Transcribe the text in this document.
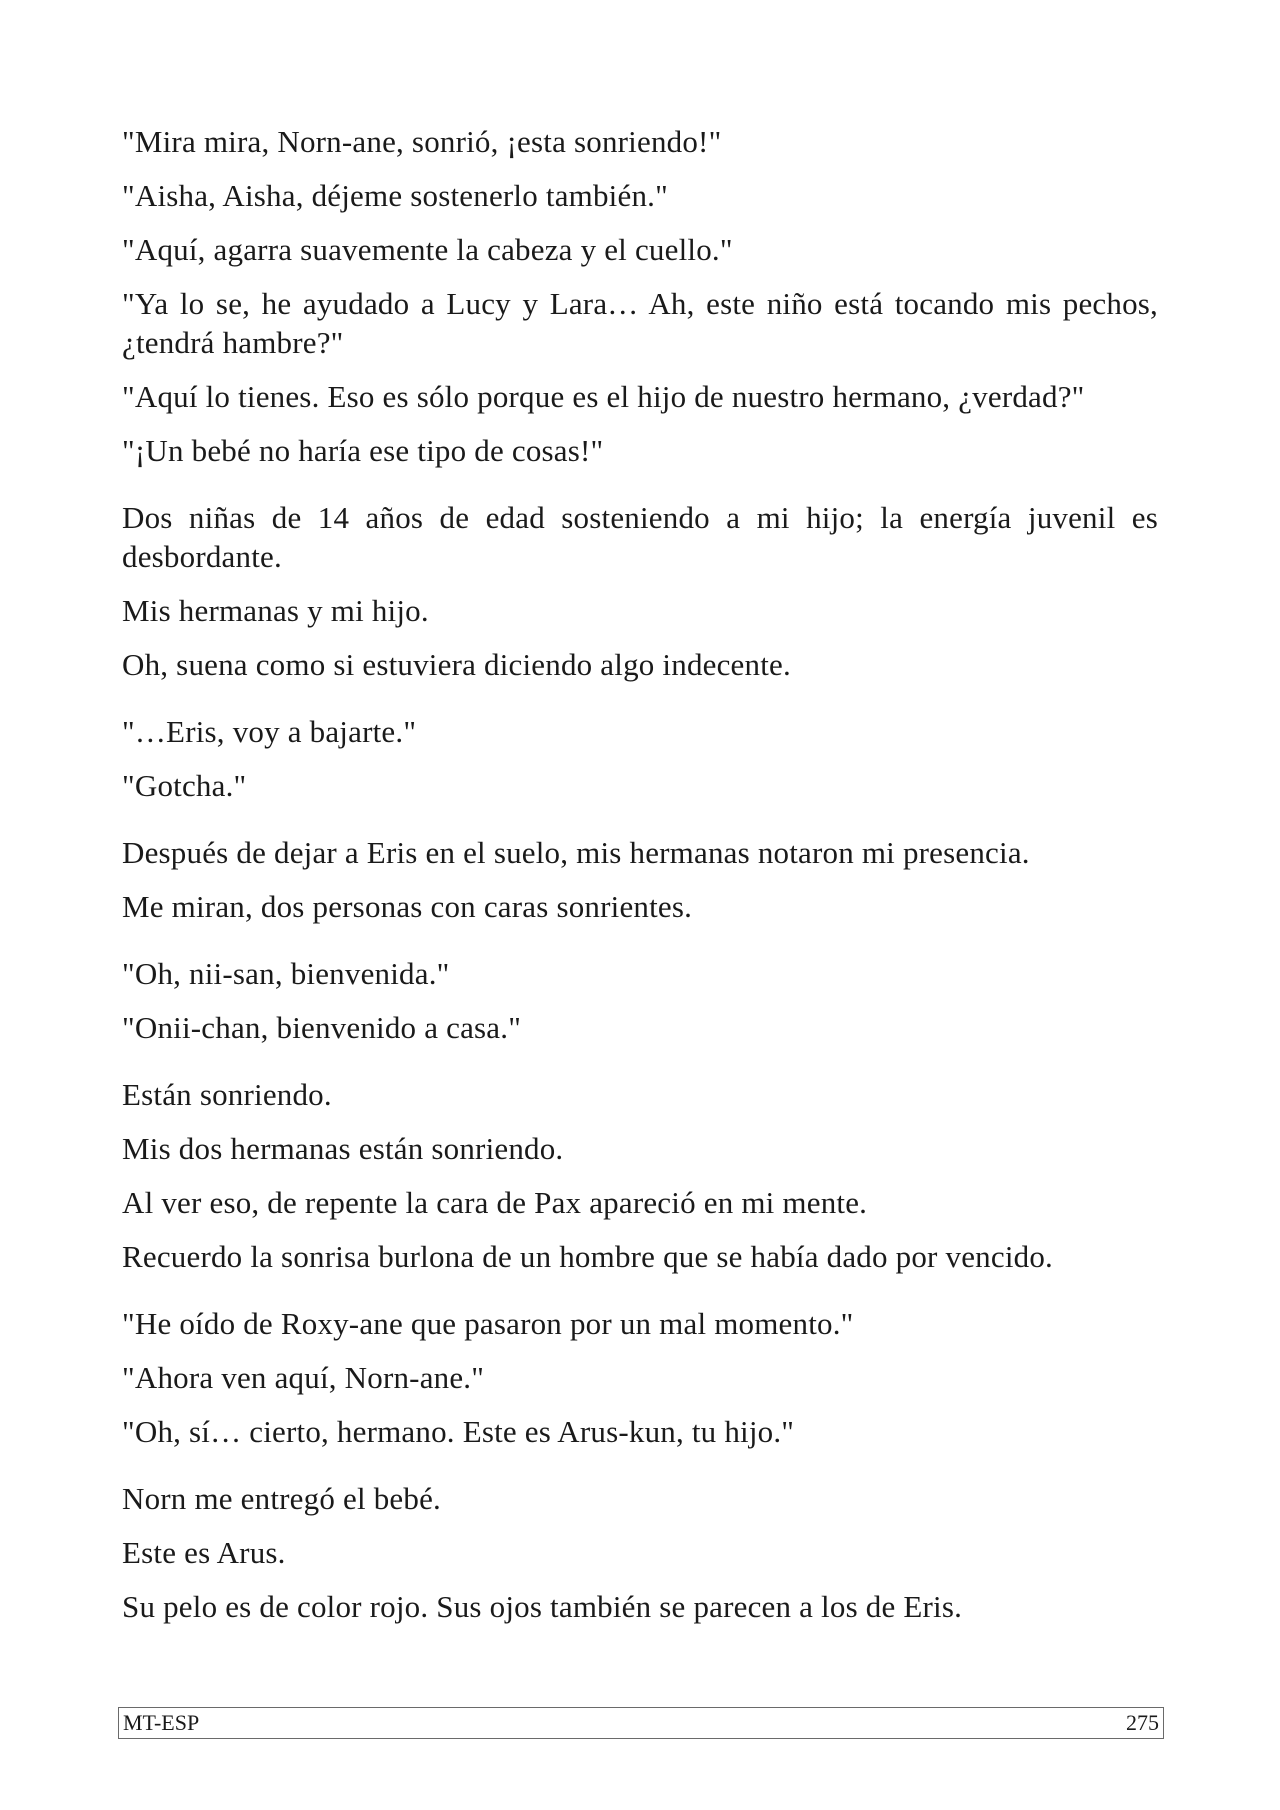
"Mira mira, Norn-ane, sonrió, ¡esta sonriendo!"

"Aisha, Aisha, déjeme sostenerlo también."

"Aquí, agarra suavemente la cabeza y el cuello."

"Ya lo se, he ayudado a Lucy y Lara… Ah, este niño está tocando mis pechos, ¿tendrá hambre?"

"Aquí lo tienes. Eso es sólo porque es el hijo de nuestro hermano, ¿verdad?"

"¡Un bebé no haría ese tipo de cosas!"

Dos niñas de 14 años de edad sosteniendo a mi hijo; la energía juvenil es desbordante.

Mis hermanas y mi hijo.

Oh, suena como si estuviera diciendo algo indecente.

"…Eris, voy a bajarte."

"Gotcha."

Después de dejar a Eris en el suelo, mis hermanas notaron mi presencia.

Me miran, dos personas con caras sonrientes.

"Oh, nii-san, bienvenida."

"Onii-chan, bienvenido a casa."

Están sonriendo.

Mis dos hermanas están sonriendo.

Al ver eso, de repente la cara de Pax apareció en mi mente.

Recuerdo la sonrisa burlona de un hombre que se había dado por vencido.

"He oído de Roxy-ane que pasaron por un mal momento."

"Ahora ven aquí, Norn-ane."

"Oh, sí… cierto, hermano. Este es Arus-kun, tu hijo."

Norn me entregó el bebé.

Este es Arus.

Su pelo es de color rojo. Sus ojos también se parecen a los de Eris.

MT-ESP	275
